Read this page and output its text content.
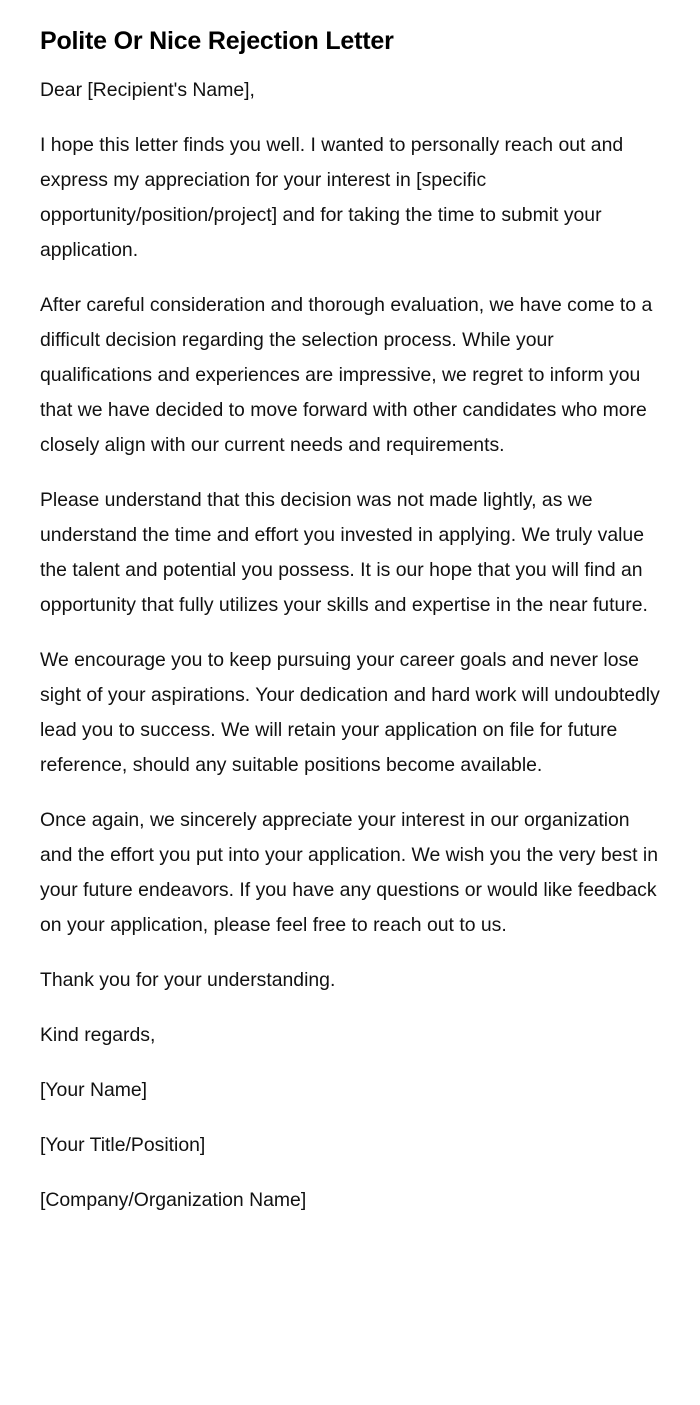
Polite Or Nice Rejection Letter

Dear [Recipient's Name],

I hope this letter finds you well. I wanted to personally reach out and express my appreciation for your interest in [specific opportunity/position/project] and for taking the time to submit your application.

After careful consideration and thorough evaluation, we have come to a difficult decision regarding the selection process. While your qualifications and experiences are impressive, we regret to inform you that we have decided to move forward with other candidates who more closely align with our current needs and requirements.

Please understand that this decision was not made lightly, as we understand the time and effort you invested in applying. We truly value the talent and potential you possess. It is our hope that you will find an opportunity that fully utilizes your skills and expertise in the near future.

We encourage you to keep pursuing your career goals and never lose sight of your aspirations. Your dedication and hard work will undoubtedly lead you to success. We will retain your application on file for future reference, should any suitable positions become available.

Once again, we sincerely appreciate your interest in our organization and the effort you put into your application. We wish you the very best in your future endeavors. If you have any questions or would like feedback on your application, please feel free to reach out to us.

Thank you for your understanding.

Kind regards,

[Your Name]

[Your Title/Position]

[Company/Organization Name]
